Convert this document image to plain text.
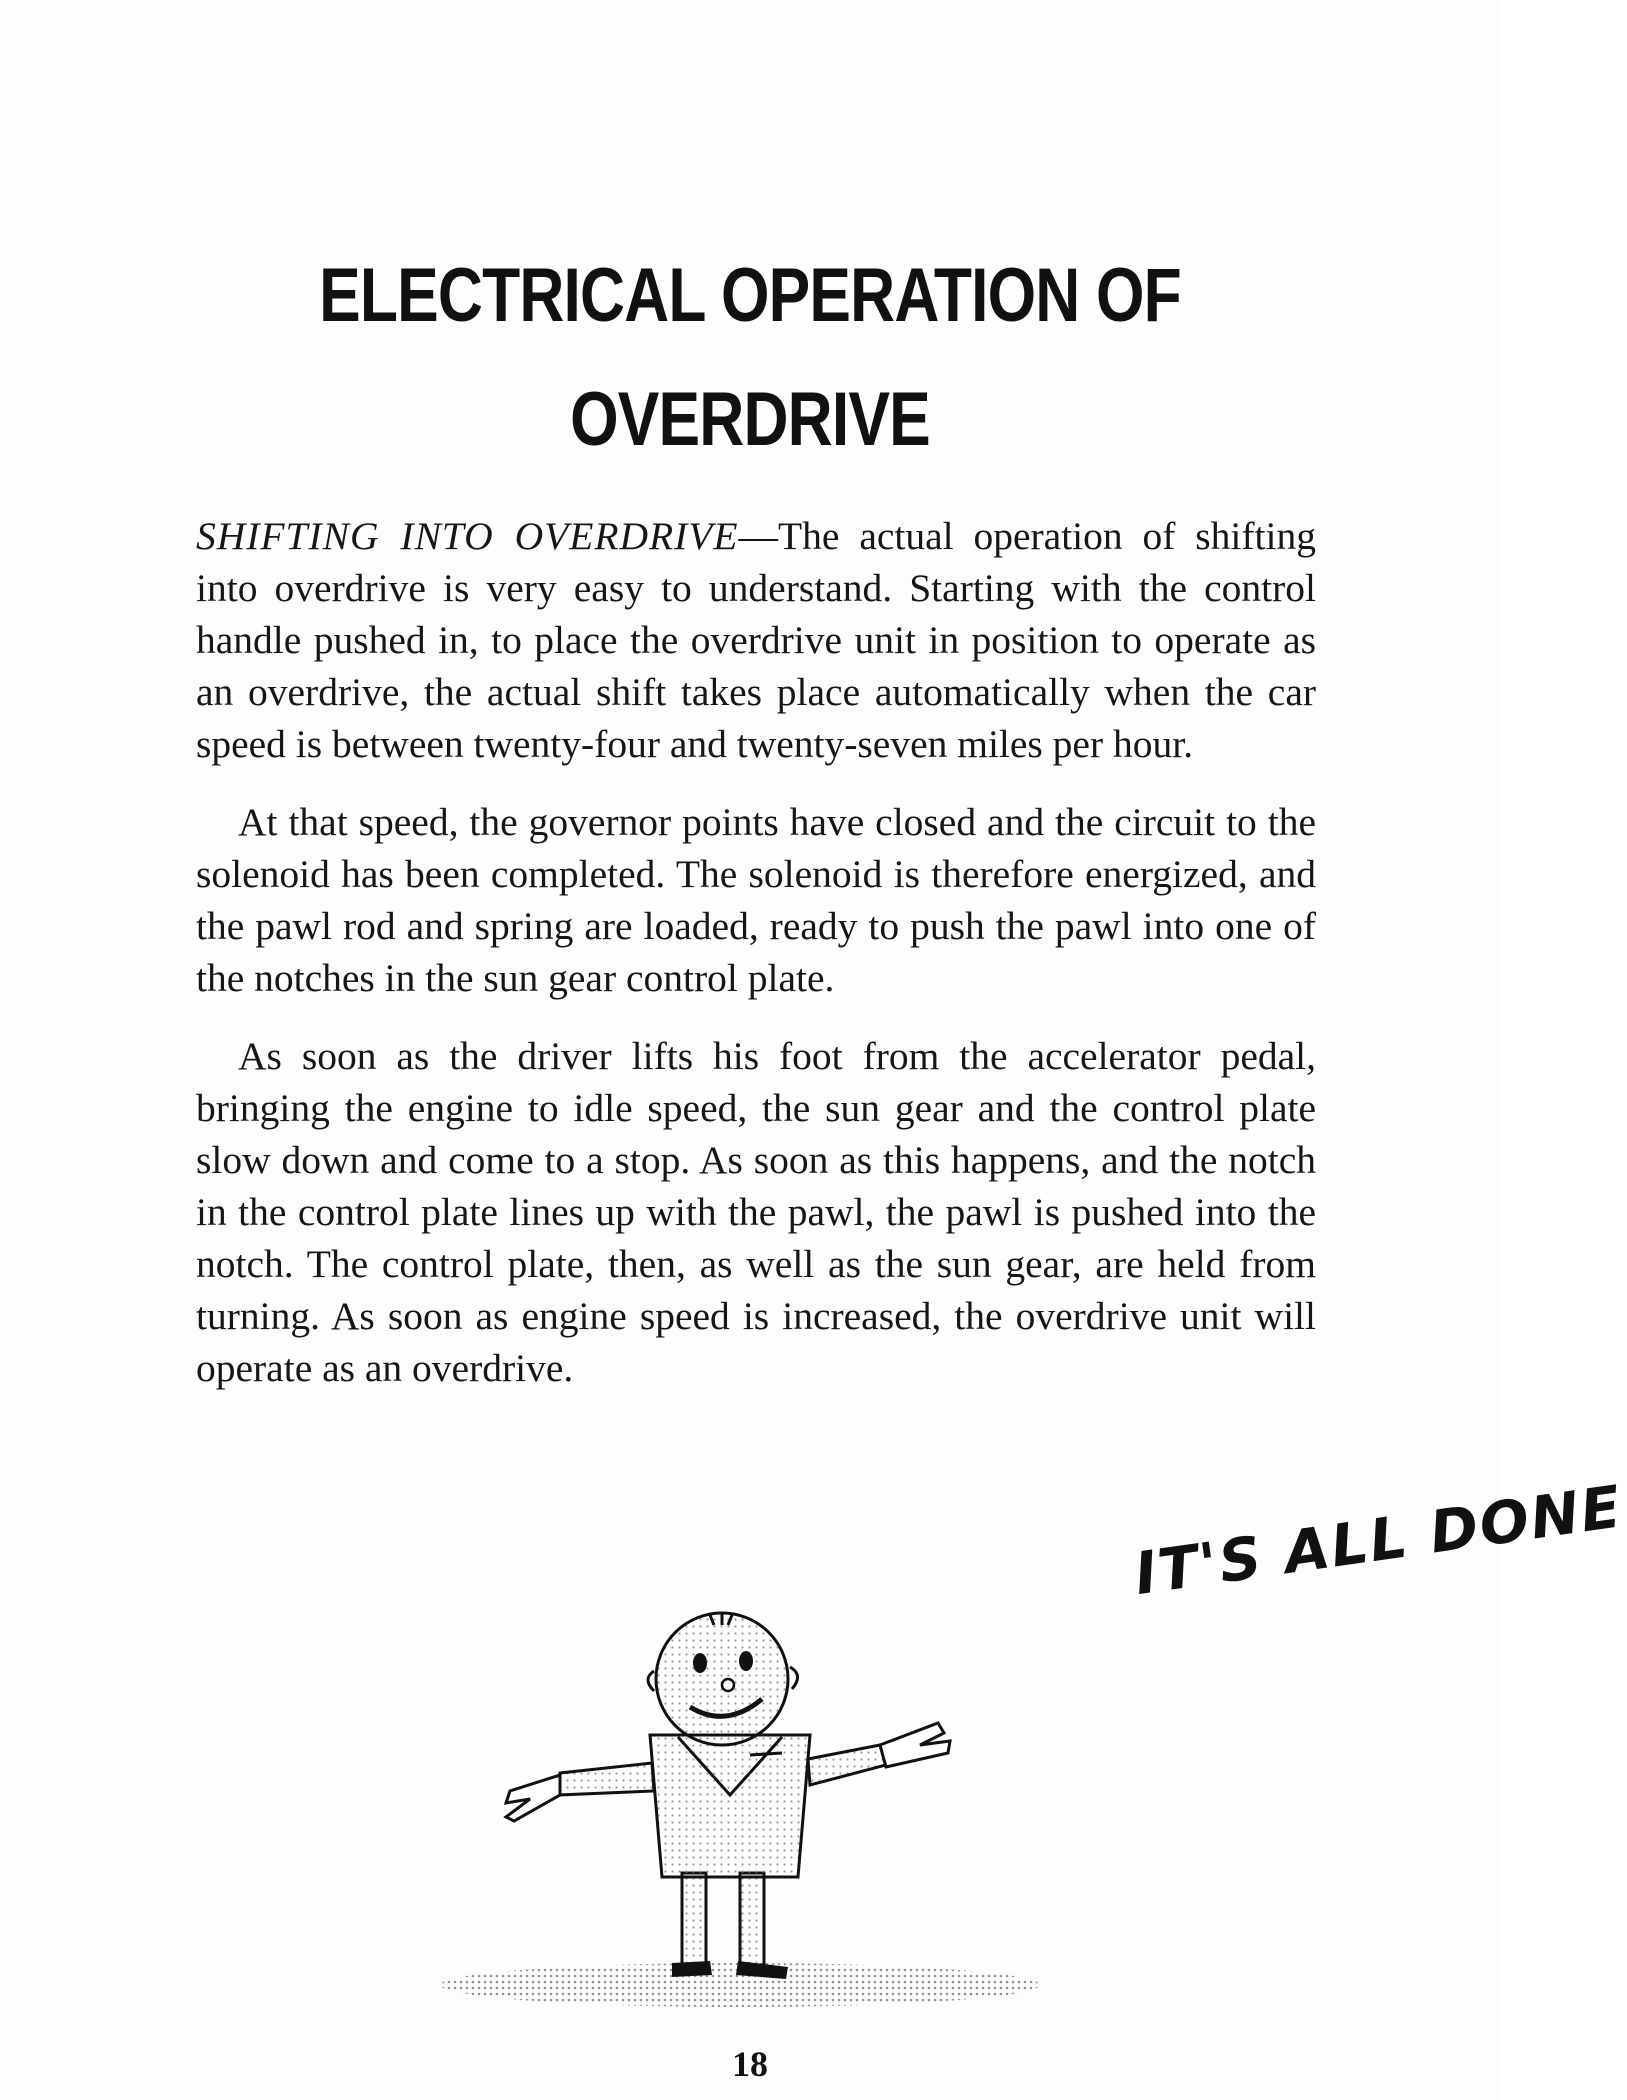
ELECTRICAL OPERATION OF
OVERDRIVE

SHIFTING INTO OVERDRIVE—The actual operation of shifting into overdrive is very easy to understand. Starting with the control handle pushed in, to place the overdrive unit in position to operate as an overdrive, the actual shift takes place automatically when the car speed is between twenty-four and twenty-seven miles per hour.

At that speed, the governor points have closed and the circuit to the solenoid has been completed. The solenoid is therefore energized, and the pawl rod and spring are loaded, ready to push the pawl into one of the notches in the sun gear control plate.

As soon as the driver lifts his foot from the accelerator pedal, bringing the engine to idle speed, the sun gear and the control plate slow down and come to a stop. As soon as this happens, and the notch in the control plate lines up with the pawl, the pawl is pushed into the notch. The control plate, then, as well as the sun gear, are held from turning. As soon as engine speed is increased, the overdrive unit will operate as an overdrive.

IT'S ALL DONE
18
